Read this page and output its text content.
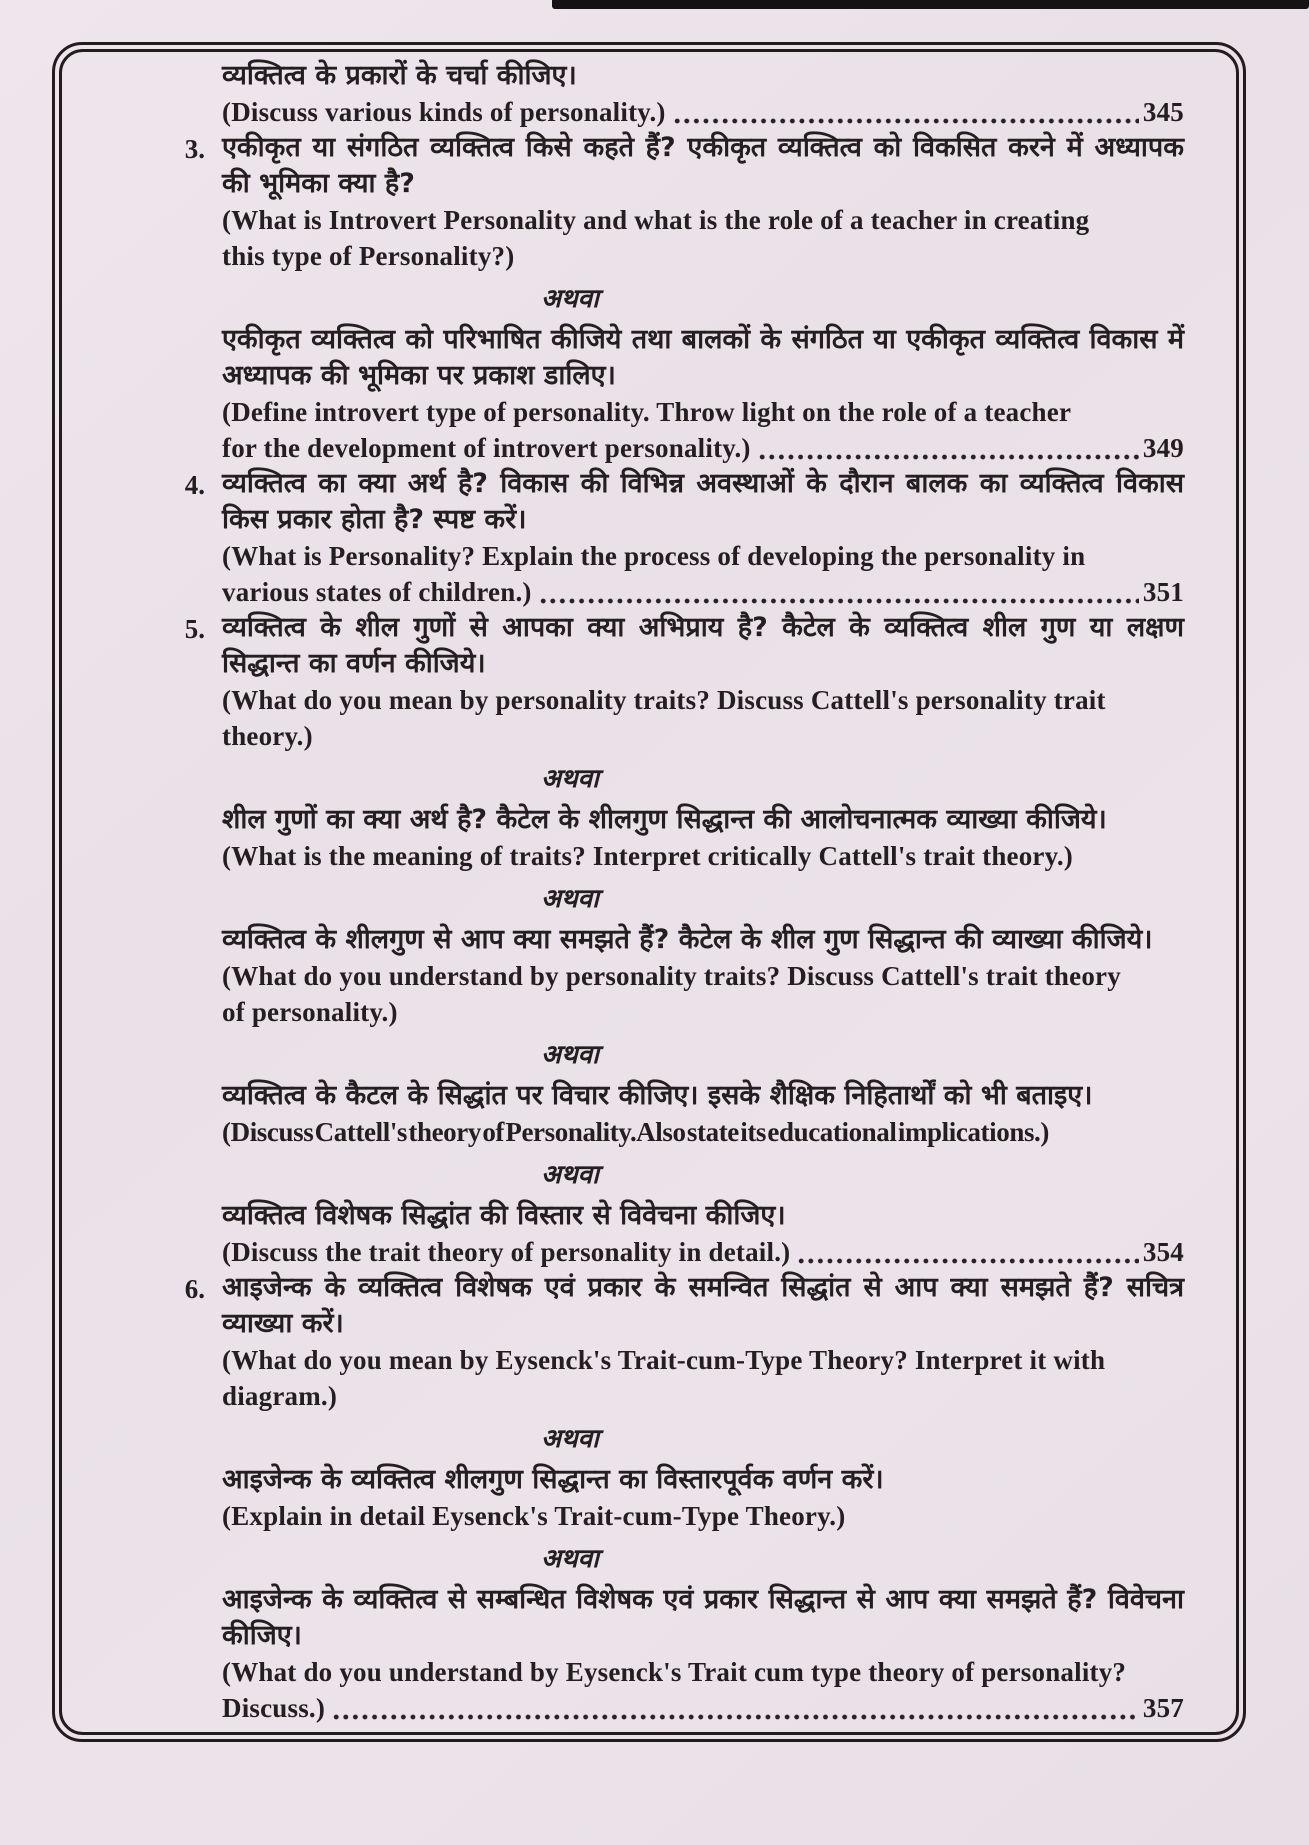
व्यक्तित्व के प्रकारों के चर्चा कीजिए।
(Discuss various kinds of personality.)	345
3. एकीकृत या संगठित व्यक्तित्व किसे कहते हैं? एकीकृत व्यक्तित्व को विकसित करने में अध्यापक की भूमिका क्या है?
(What is Introvert Personality and what is the role of a teacher in creating
this type of Personality?)
अथवा
एकीकृत व्यक्तित्व को परिभाषित कीजिये तथा बालकों के संगठित या एकीकृत व्यक्तित्व विकास में अध्यापक की भूमिका पर प्रकाश डालिए।
(Define introvert type of personality. Throw light on the role of a teacher
for the development of introvert personality.)	349
4. व्यक्तित्व का क्या अर्थ है? विकास की विभिन्न अवस्थाओं के दौरान बालक का व्यक्तित्व विकास किस प्रकार होता है? स्पष्ट करें।
(What is Personality? Explain the process of developing the personality in
various states of children.)	351
5. व्यक्तित्व के शील गुणों से आपका क्या अभिप्राय है? कैटेल के व्यक्तित्व शील गुण या लक्षण सिद्धान्त का वर्णन कीजिये।
(What do you mean by personality traits? Discuss Cattell's personality trait
theory.)
अथवा
शील गुणों का क्या अर्थ है? कैटेल के शीलगुण सिद्धान्त की आलोचनात्मक व्याख्या कीजिये।
(What is the meaning of traits? Interpret critically Cattell's trait theory.)
अथवा
व्यक्तित्व के शीलगुण से आप क्या समझते हैं? कैटेल के शील गुण सिद्धान्त की व्याख्या कीजिये।
(What do you understand by personality traits? Discuss Cattell's trait theory
of personality.)
अथवा
व्यक्तित्व के कैटल के सिद्धांत पर विचार कीजिए। इसके शैक्षिक निहितार्थों को भी बताइए।
(Discuss Cattell's theory of Personality. Also state its educational implications.)
अथवा
व्यक्तित्व विशेषक सिद्धांत की विस्तार से विवेचना कीजिए।
(Discuss the trait theory of personality in detail.)	354
6. आइजेन्क के व्यक्तित्व विशेषक एवं प्रकार के समन्वित सिद्धांत से आप क्या समझते हैं? सचित्र व्याख्या करें।
(What do you mean by Eysenck's Trait-cum-Type Theory? Interpret it with
diagram.)
अथवा
आइजेन्क के व्यक्तित्व शीलगुण सिद्धान्त का विस्तारपूर्वक वर्णन करें।
(Explain in detail Eysenck's Trait-cum-Type Theory.)
अथवा
आइजेन्क के व्यक्तित्व से सम्बन्धित विशेषक एवं प्रकार सिद्धान्त से आप क्या समझते हैं? विवेचना कीजिए।
(What do you understand by Eysenck's Trait cum type theory of personality?
Discuss.)	357
